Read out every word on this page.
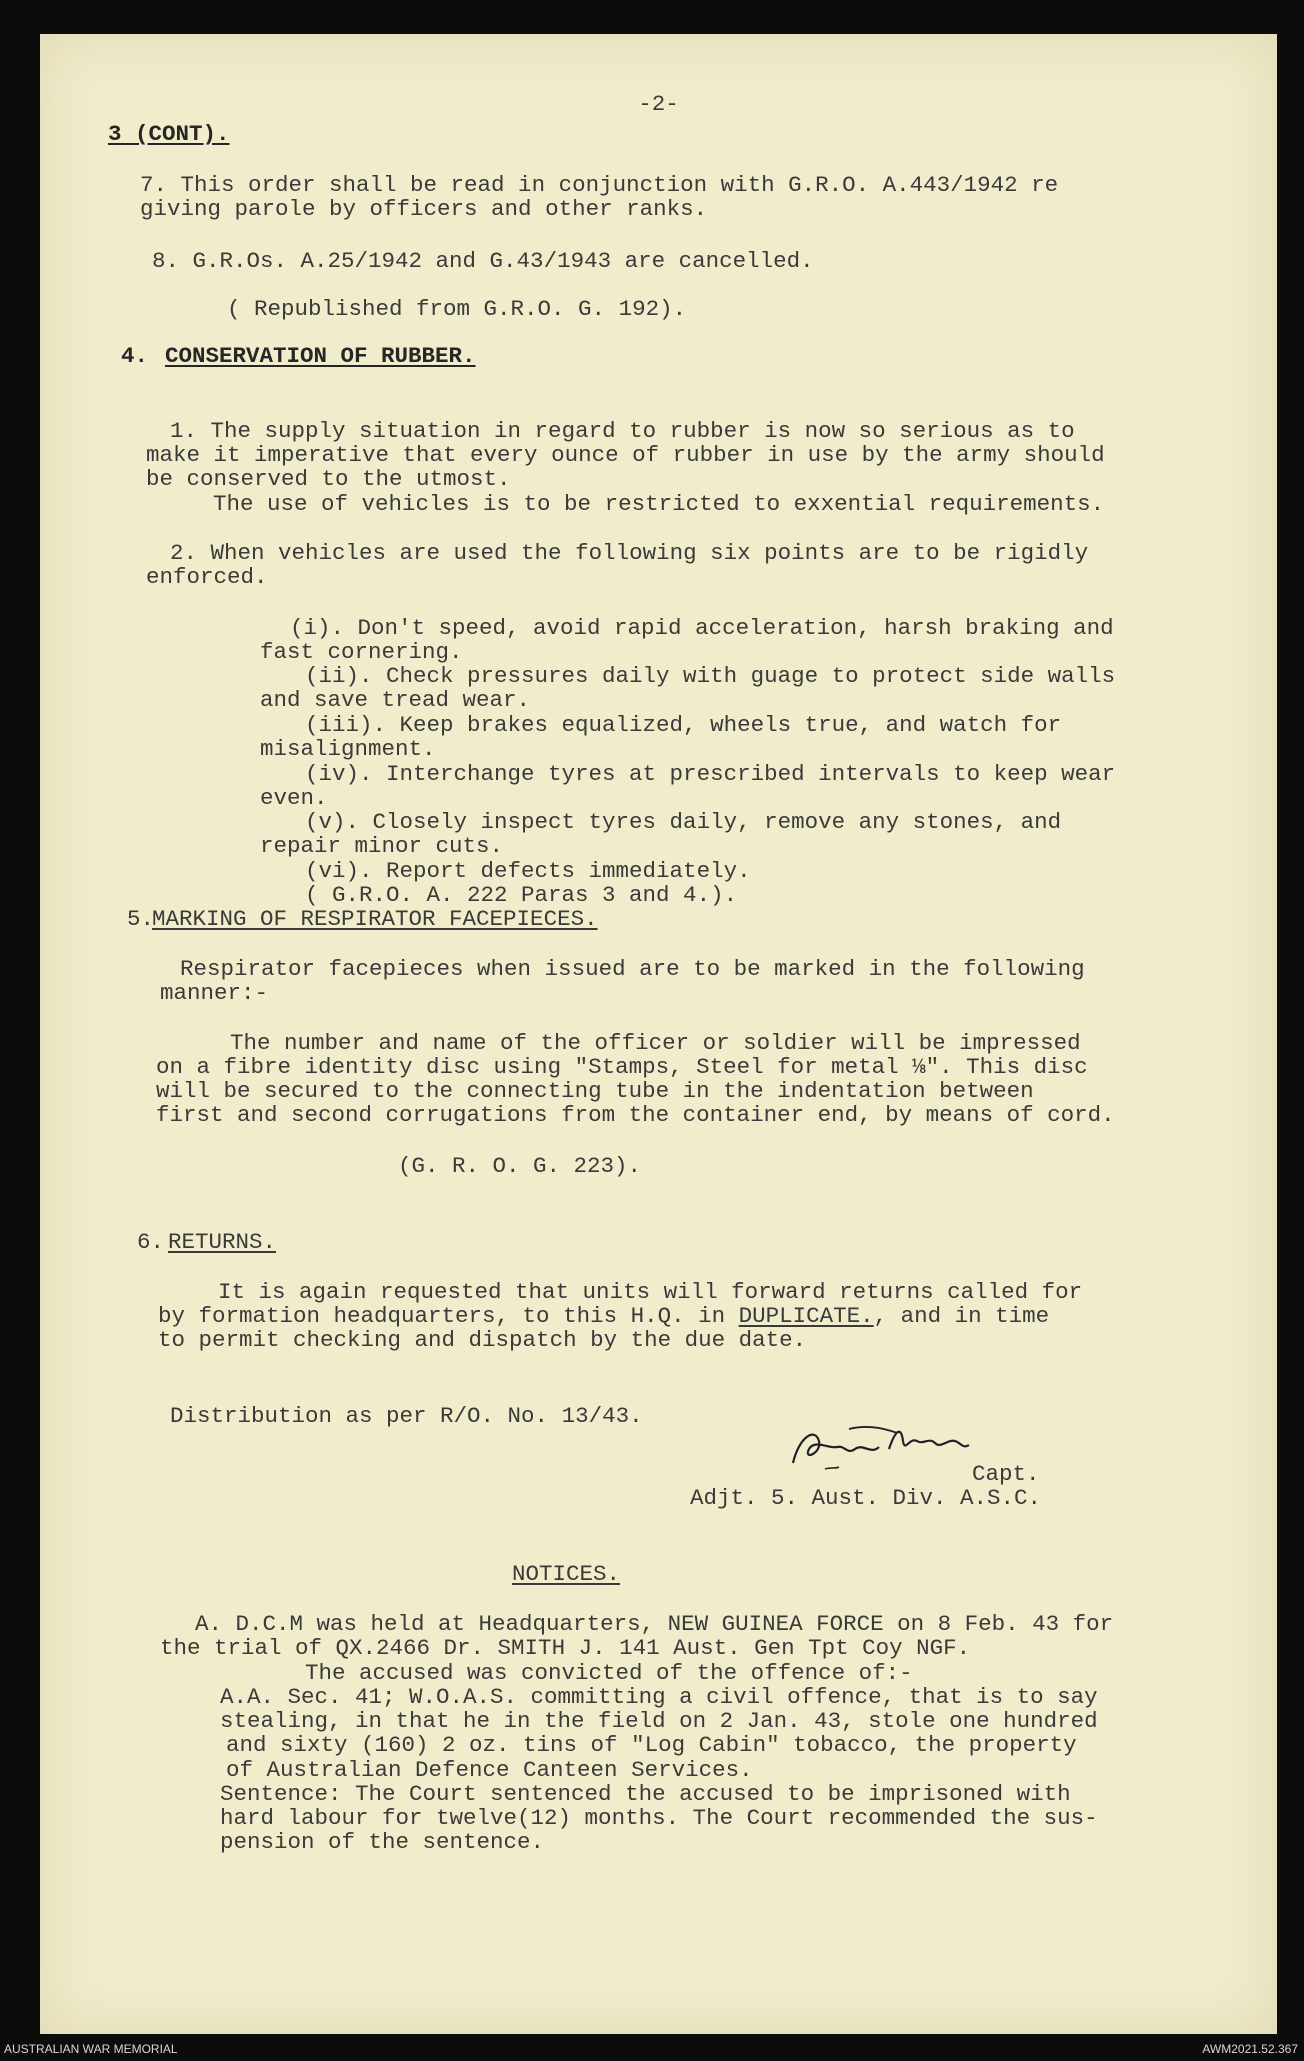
-2-
3 (CONT).
7. This order shall be read in conjunction with G.R.O. A.443/1942 re
giving parole by officers and other ranks.
8. G.R.Os. A.25/1942 and G.43/1943 are cancelled.
( Republished from G.R.O. G. 192).
4. CONSERVATION OF RUBBER.
1. The supply situation in regard to rubber is now so serious as to
make it imperative that every ounce of rubber in use by the army should
be conserved to the utmost.
The use of vehicles is to be restricted to exxential requirements.
2. When vehicles are used the following six points are to be rigidly
enforced.
(i). Don't speed, avoid rapid acceleration, harsh braking and
fast cornering.
(ii). Check pressures daily with guage to protect side walls
and save tread wear.
(iii). Keep brakes equalized, wheels true, and watch for
misalignment.
(iv). Interchange tyres at prescribed intervals to keep wear
even.
(v). Closely inspect tyres daily, remove any stones, and
repair minor cuts.
(vi). Report defects immediately.
( G.R.O. A. 222 Paras 3 and 4.).
5.
MARKING OF RESPIRATOR FACEPIECES.
Respirator facepieces when issued are to be marked in the following
manner:-
The number and name of the officer or soldier will be impressed
on a fibre identity disc using "Stamps, Steel for metal ⅛". This disc
will be secured to the connecting tube in the indentation between
first and second corrugations from the container end, by means of cord.
(G. R. O. G. 223).
6. RETURNS.
It is again requested that units will forward returns called for
by formation headquarters, to this H.Q. in DUPLICATE., and in time
to permit checking and dispatch by the due date.
Distribution as per R/O. No. 13/43.
Capt.
Adjt. 5. Aust. Div. A.S.C.
NOTICES.
A. D.C.M was held at Headquarters, NEW GUINEA FORCE on 8 Feb. 43 for
the trial of QX.2466 Dr. SMITH J. 141 Aust. Gen Tpt Coy NGF.
The accused was convicted of the offence of:-
A.A. Sec. 41; W.O.A.S. committing a civil offence, that is to say
stealing, in that he in the field on 2 Jan. 43, stole one hundred
and sixty (160) 2 oz. tins of "Log Cabin" tobacco, the property
of Australian Defence Canteen Services.
Sentence: The Court sentenced the accused to be imprisoned with
hard labour for twelve(12) months. The Court recommended the sus-
pension of the sentence.
AUSTRALIAN WAR MEMORIAL	AWM2021.52.367
